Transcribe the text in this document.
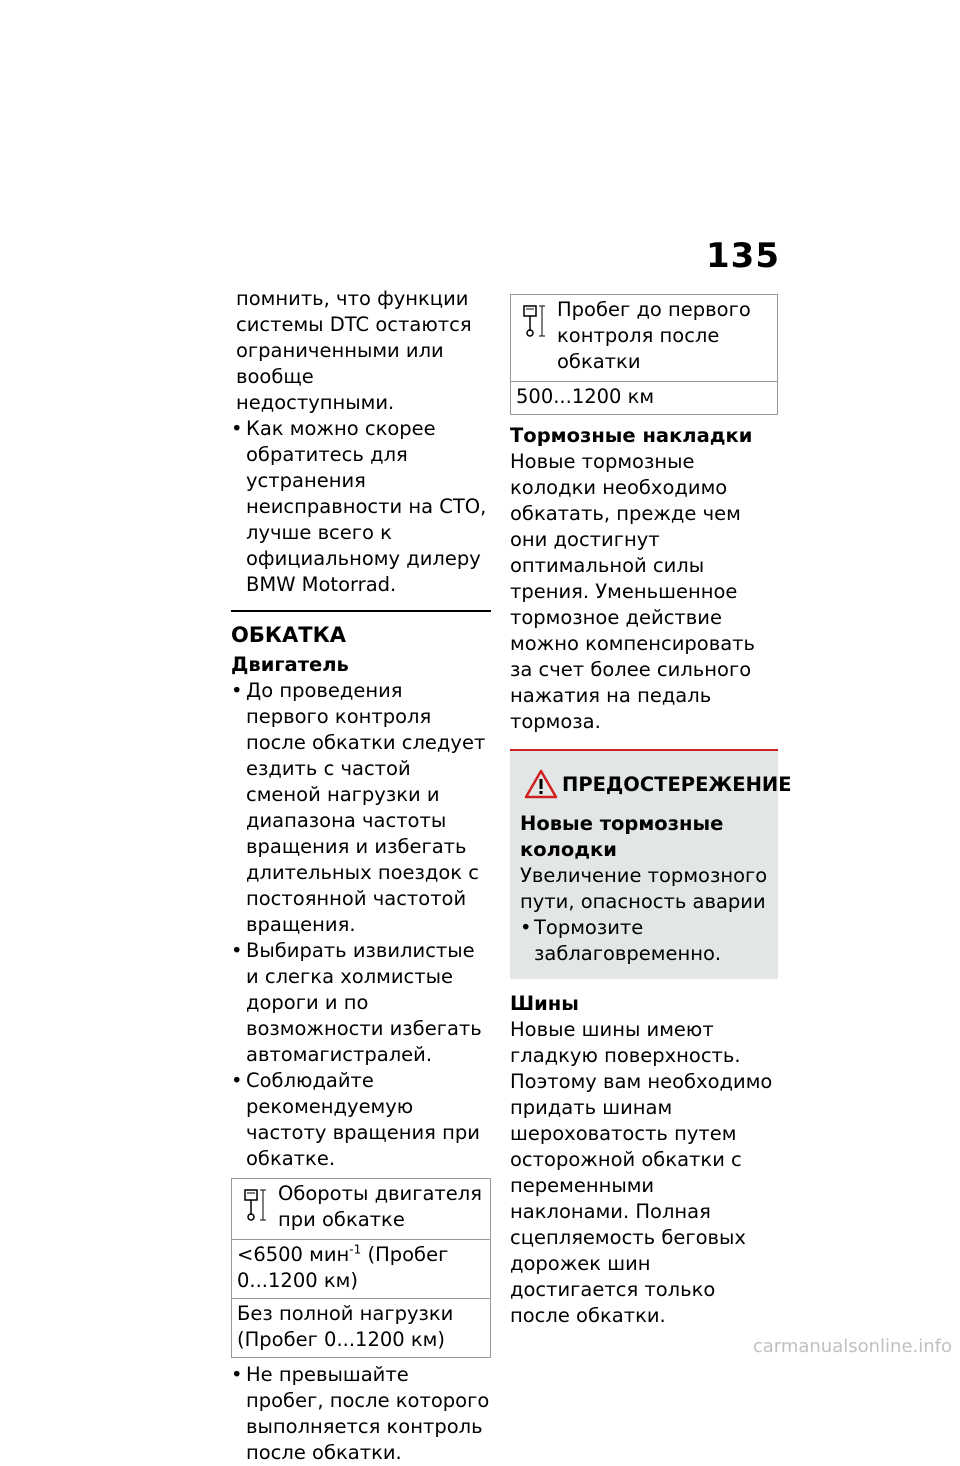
135
помнить, что функции
системы DTC остаются
ограниченными или вообще
недоступными.
• Как можно скорее обратитесь для устранения неисправности на СТО, лучше всего к официальному дилеру BMW Motorrad.
ОБКАТКА
Двигатель
• До проведения первого контроля после обкатки следует ездить с частой сменой нагрузки и диапазона частоты вращения и избегать длительных поездок с постоянной частотой вращения.
• Выбирать извилистые и слегка холмистые дороги и по возможности избегать автомагистралей.
• Соблюдайте рекомендуемую частоту вращения при обкатке.
Обороты двигателя при обкатке
<6500 мин$^{-1}$ (Пробег 0...1200 км)
Без полной нагрузки (Пробег 0...1200 км)
• Не превышайте пробег, после которого выполняется контроль после обкатки.
Пробег до первого контроля после обкатки
500...1200 км
Тормозные накладки
Новые тормозные колодки необходимо обкатать, прежде чем они достигнут оптимальной силы трения. Уменьшенное тормозное действие можно компенсировать за счет более сильного нажатия на педаль тормоза.
ПРЕДОСТЕРЕЖЕНИЕ
Новые тормозные колодки
Увеличение тормозного пути, опасность аварии
• Тормозите заблаговременно.
Шины
Новые шины имеют гладкую поверхность. Поэтому вам необходимо придать шинам шероховатость путем осторожной обкатки с переменными наклонами. Полная сцепляемость беговых дорожек шин достигается только после обкатки.
carmanualsonline.info
